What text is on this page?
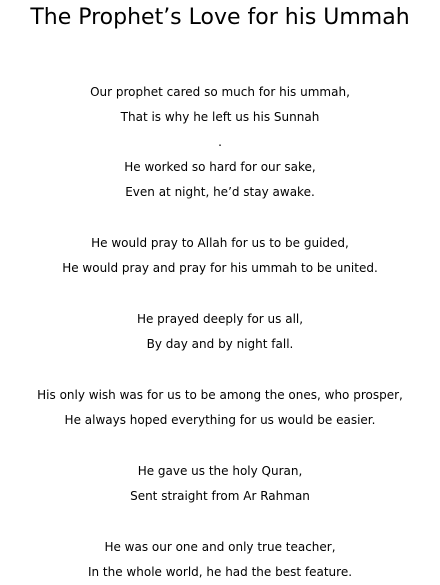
The Prophet’s Love for his Ummah
Our prophet cared so much for his ummah,
That is why he left us his Sunnah
.
He worked so hard for our sake,
Even at night, he’d stay awake.
He would pray to Allah for us to be guided,
He would pray and pray for his ummah to be united.
He prayed deeply for us all,
By day and by night fall.
His only wish was for us to be among the ones, who prosper,
He always hoped everything for us would be easier.
He gave us the holy Quran,
Sent straight from Ar Rahman
He was our one and only true teacher,
In the whole world, he had the best feature.
